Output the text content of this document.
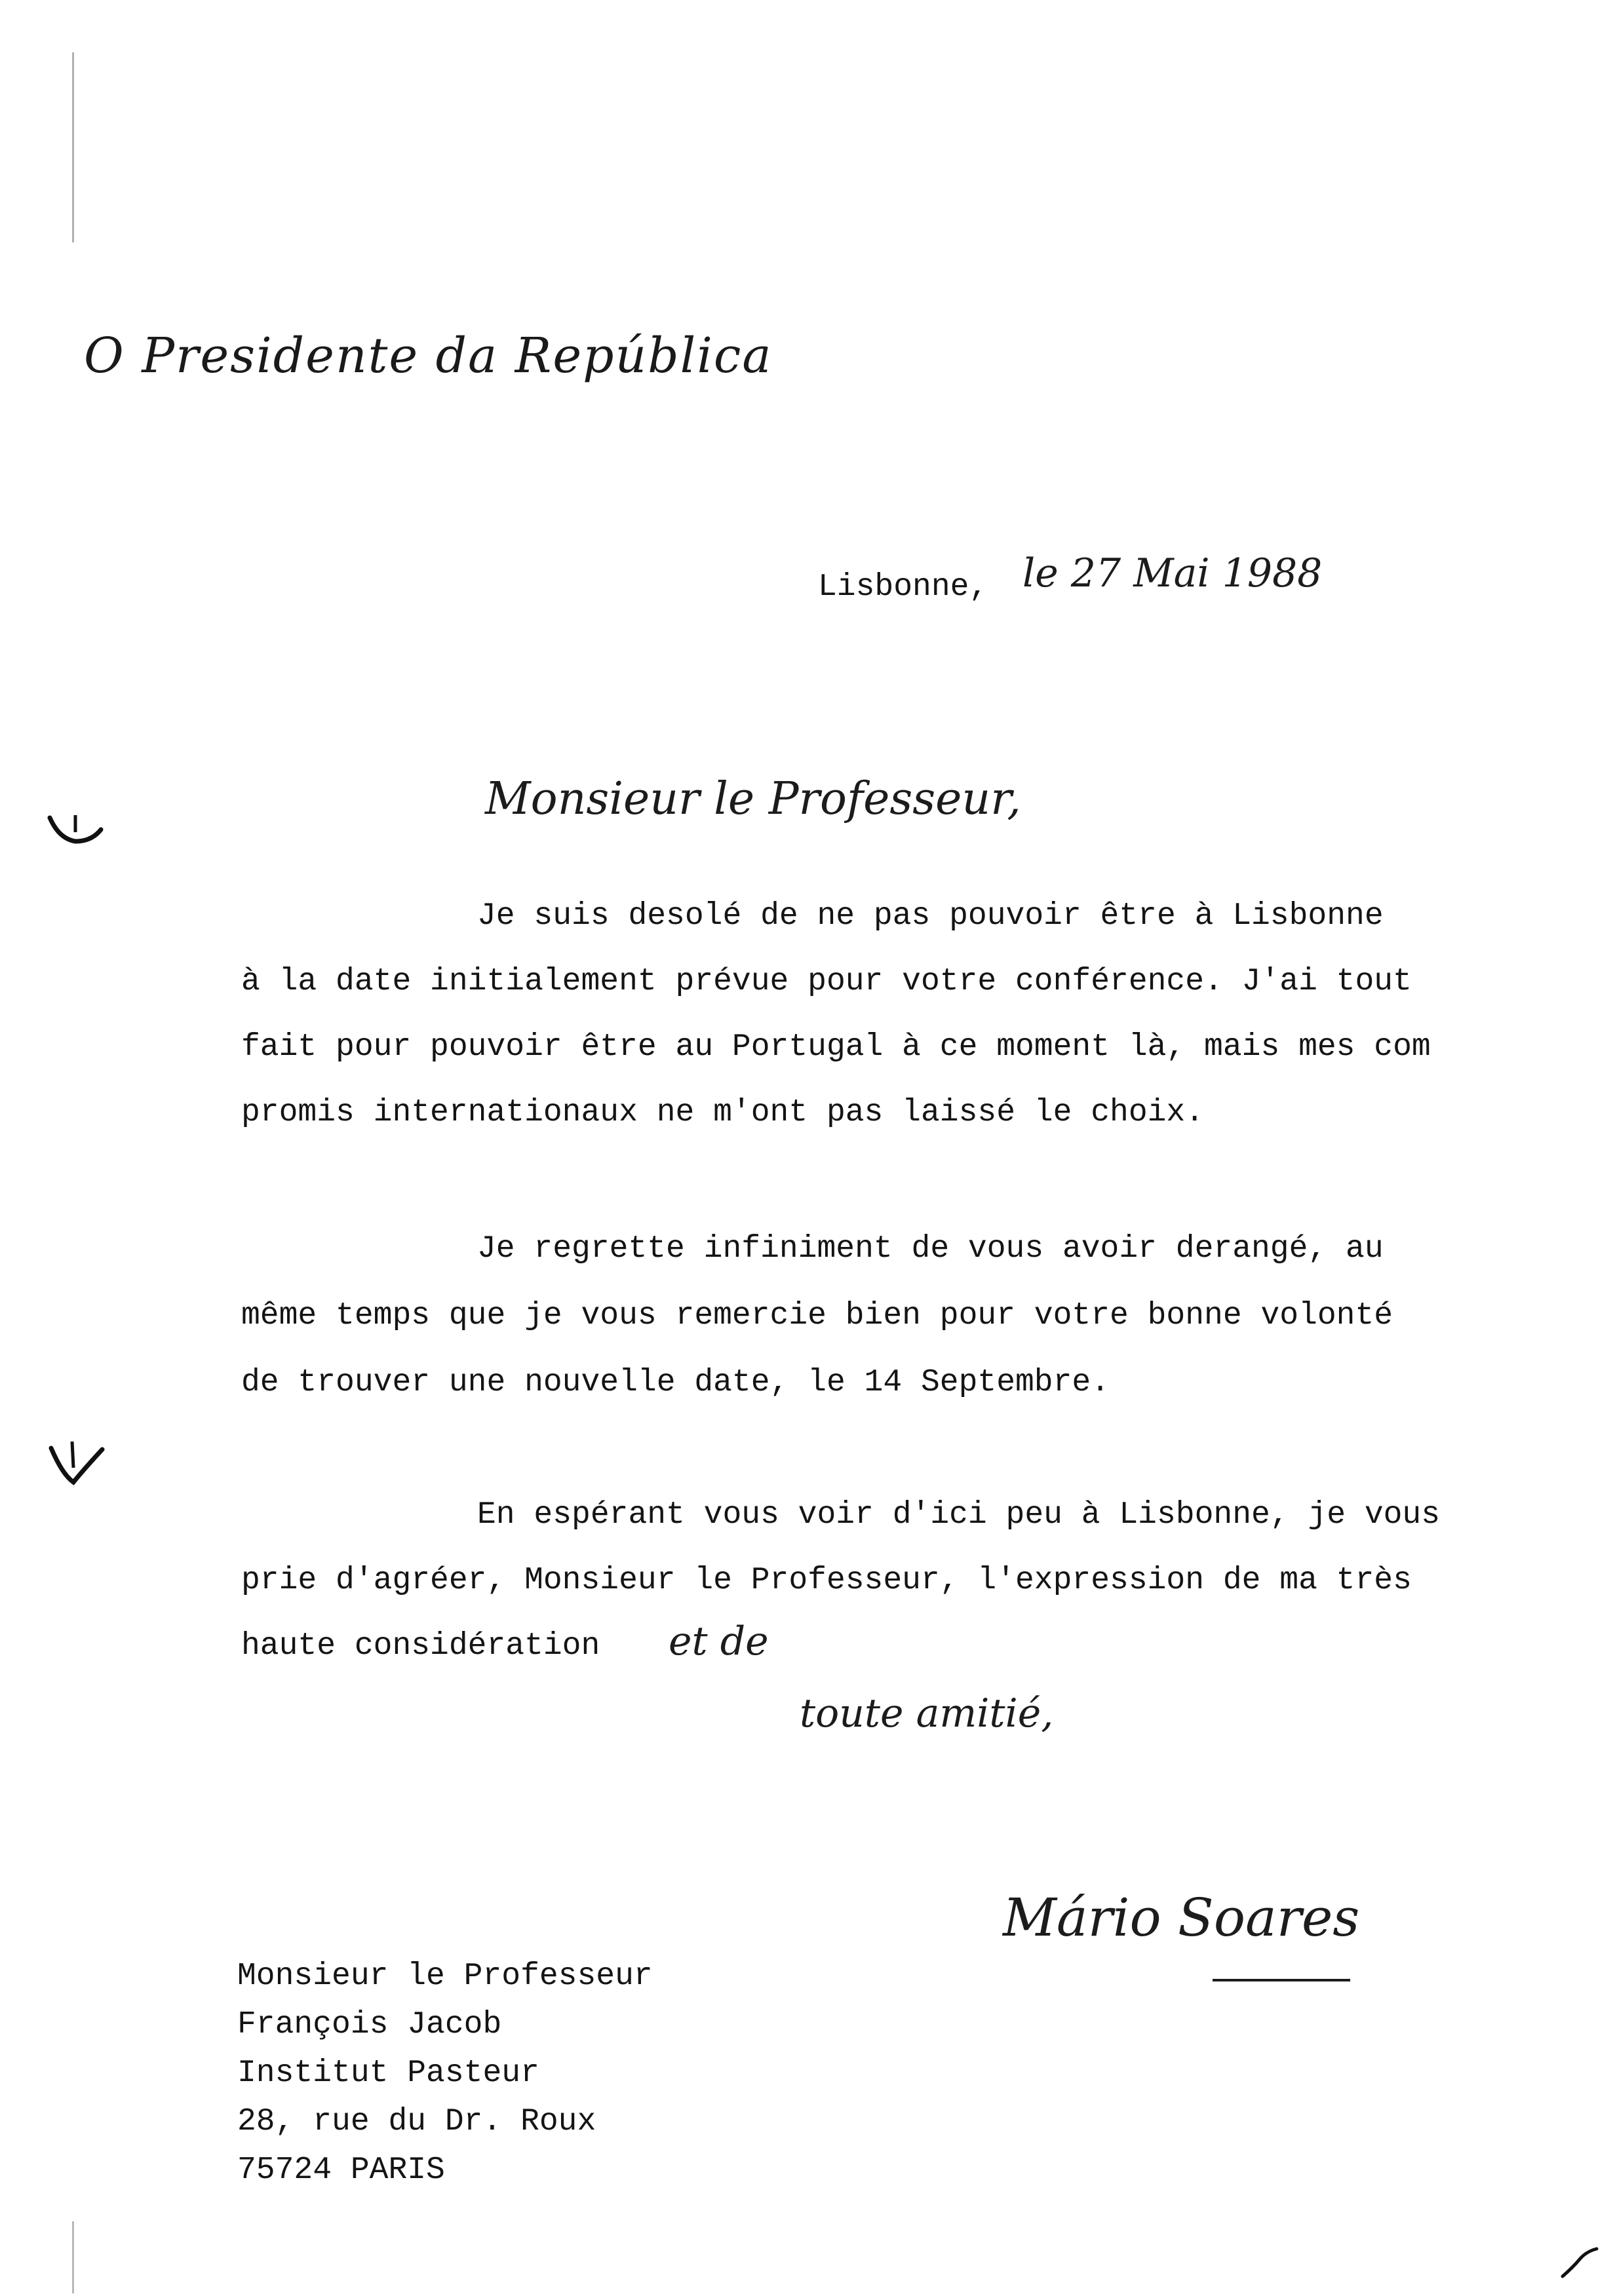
O Presidente da República
Lisbonne, le 27 Mai 1988
Monsieur le Professeur,
Je suis desolé de ne pas pouvoir être à Lisbonne
à la date initialement prévue pour votre conférence. J'ai tout
fait pour pouvoir être au Portugal à ce moment là, mais mes com
promis internationaux ne m'ont pas laissé le choix.
Je regrette infiniment de vous avoir derangé, au
même temps que je vous remercie bien pour votre bonne volonté
de trouver une nouvelle date, le 14 Septembre.
En espérant vous voir d'ici peu à Lisbonne, je vous
prie d'agréer, Monsieur le Professeur, l'expression de ma très
haute considération et de
toute amitié,
Mário Soares
Monsieur le Professeur
François Jacob
Institut Pasteur
28, rue du Dr. Roux
75724 PARIS
